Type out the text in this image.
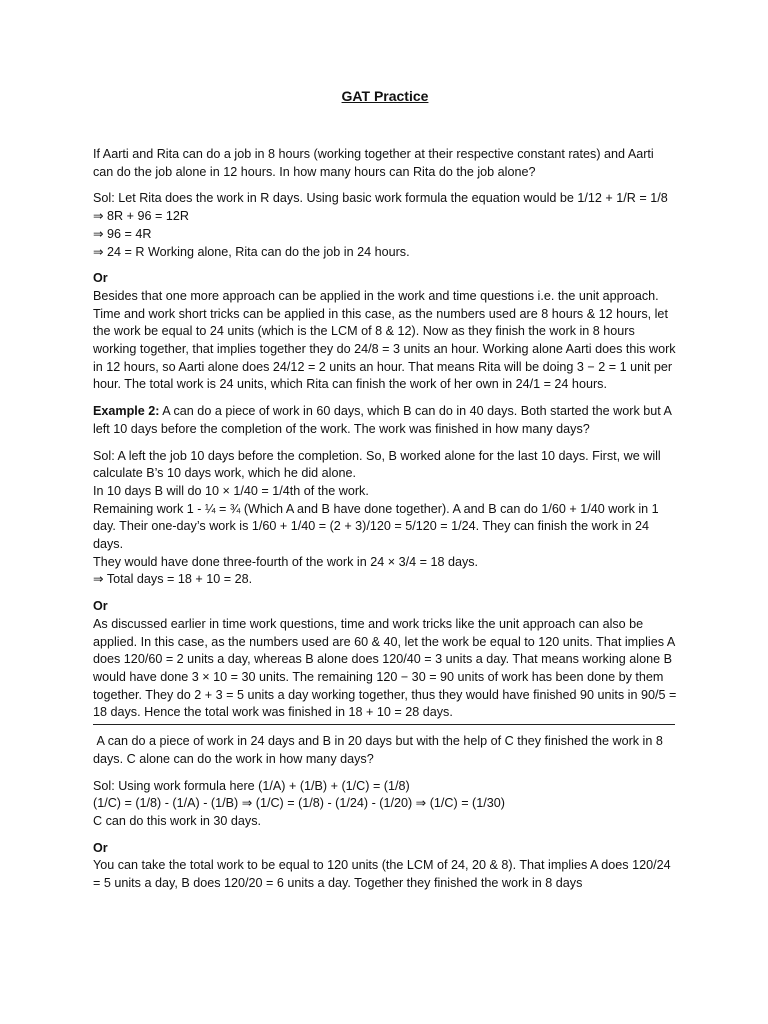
GAT Practice

If Aarti and Rita can do a job in 8 hours (working together at their respective constant rates) and Aarti can do the job alone in 12 hours. In how many hours can Rita do the job alone?

Sol: Let Rita does the work in R days. Using basic work formula the equation would be 1/12 + 1/R = 1/8
⇒ 8R + 96 = 12R
⇒ 96 = 4R
⇒ 24 = R Working alone, Rita can do the job in 24 hours.

Or
Besides that one more approach can be applied in the work and time questions i.e. the unit approach. Time and work short tricks can be applied in this case, as the numbers used are 8 hours & 12 hours, let the work be equal to 24 units (which is the LCM of 8 & 12). Now as they finish the work in 8 hours working together, that implies together they do 24/8 = 3 units an hour. Working alone Aarti does this work in 12 hours, so Aarti alone does 24/12 = 2 units an hour. That means Rita will be doing 3 − 2 = 1 unit per hour. The total work is 24 units, which Rita can finish the work of her own in 24/1 = 24 hours.

Example 2: A can do a piece of work in 60 days, which B can do in 40 days. Both started the work but A left 10 days before the completion of the work. The work was finished in how many days?

Sol: A left the job 10 days before the completion. So, B worked alone for the last 10 days. First, we will calculate B’s 10 days work, which he did alone.
In 10 days B will do 10 × 1/40 = 1/4th of the work.
Remaining work 1 - ¼ = ¾ (Which A and B have done together). A and B can do 1/60 + 1/40 work in 1 day. Their one-day’s work is 1/60 + 1/40 = (2 + 3)/120 = 5/120 = 1/24. They can finish the work in 24 days.
They would have done three-fourth of the work in 24 × 3/4 = 18 days.
⇒ Total days = 18 + 10 = 28.

Or
As discussed earlier in time work questions, time and work tricks like the unit approach can also be applied. In this case, as the numbers used are 60 & 40, let the work be equal to 120 units. That implies A does 120/60 = 2 units a day, whereas B alone does 120/40 = 3 units a day. That means working alone B would have done 3 × 10 = 30 units. The remaining 120 − 30 = 90 units of work has been done by them together. They do 2 + 3 = 5 units a day working together, thus they would have finished 90 units in 90/5 = 18 days. Hence the total work was finished in 18 + 10 = 28 days.

A can do a piece of work in 24 days and B in 20 days but with the help of C they finished the work in 8 days. C alone can do the work in how many days?

Sol: Using work formula here (1/A) + (1/B) + (1/C) = (1/8)
(1/C) = (1/8) - (1/A) - (1/B) ⇒ (1/C) = (1/8) - (1/24) - (1/20) ⇒ (1/C) = (1/30)
C can do this work in 30 days.

Or
You can take the total work to be equal to 120 units (the LCM of 24, 20 & 8). That implies A does 120/24 = 5 units a day, B does 120/20 = 6 units a day. Together they finished the work in 8 days
